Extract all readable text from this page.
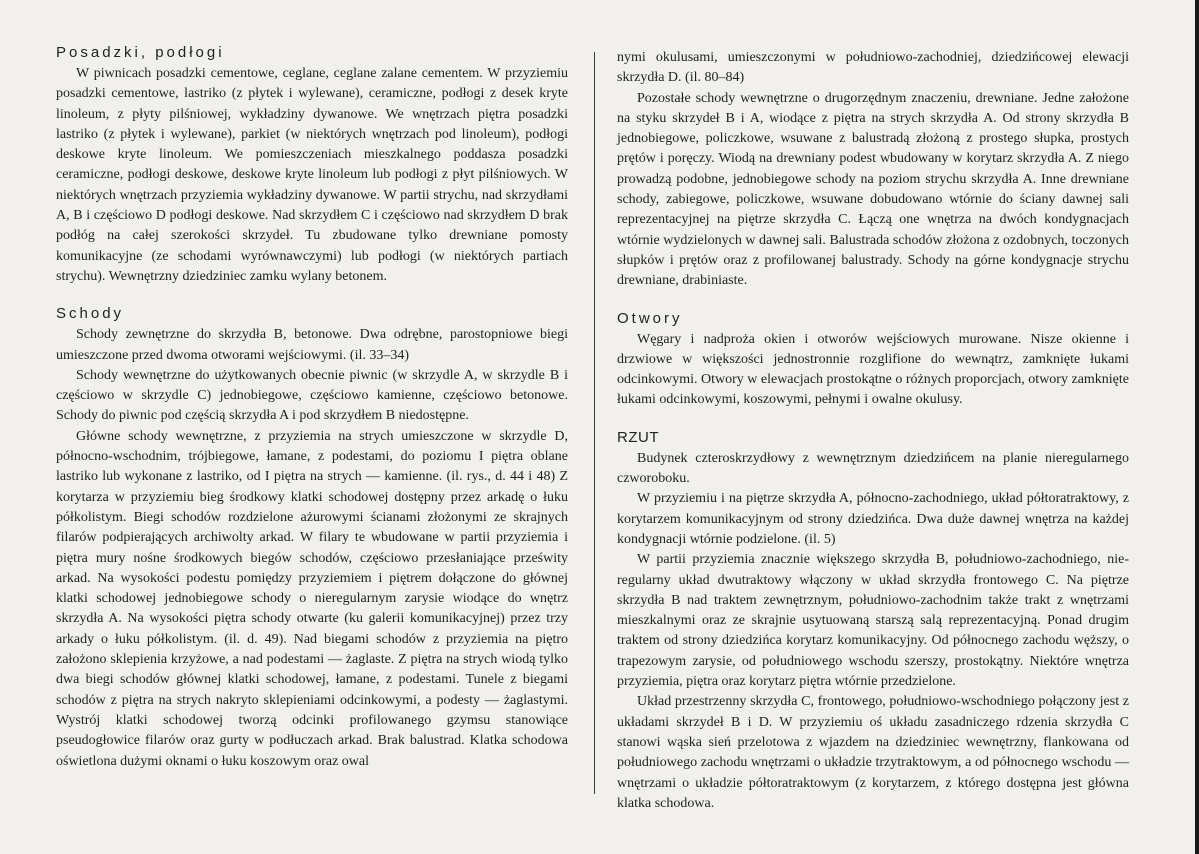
Posadzki, podłogi

W piwnicach posadzki cementowe, ceglane, ceglane zalane cementem. W przyziemiu posadzki cementowe, lastriko (z płytek i wylewane), ceramiczne, podłogi z desek kryte linoleum, z płyty pilśniowej, wykładziny dywanowe. We wnętrzach piętra posadzki lastriko (z płytek i wylewane), parkiet (w niektórych wnętrzach pod linoleum), podłogi deskowe kryte linoleum. We pomieszczeniach mieszkalnego poddasza posadzki ceramiczne, podłogi deskowe, deskowe kryte linoleum lub podłogi z płyt pilśniowych. W niektórych wnętrzach przyziemia wykładziny dywanowe. W partii strychu, nad skrzydłami A, B i częściowo D podłogi deskowe. Nad skrzydłem C i częściowo nad skrzydłem D brak podłóg na całej szerokości skrzydeł. Tu zbudowane tylko drewniane pomosty komunikacyjne (ze schodami wyrównawczymi) lub podłogi (w niektórych partiach strychu). Wewnętrzny dziedziniec zamku wylany betonem.

Schody

Schody zewnętrzne do skrzydła B, betonowe. Dwa odrębne, parostopniowe biegi umieszczone przed dwoma otworami wejściowymi. (il. 33–34)

Schody wewnętrzne do użytkowanych obecnie piwnic (w skrzydle A, w skrzydle B i częściowo w skrzydle C) jednobiegowe, częściowo kamienne, częściowo betonowe. Schody do piwnic pod częścią skrzydła A i pod skrzydłem B niedostępne.

Główne schody wewnętrzne, z przyziemia na strych umieszczone w skrzydle D, północno-wschodnim, trójbiegowe, łamane, z podestami, do poziomu I piętra oblane lastriko lub wykonane z lastriko, od I piętra na strych — kamienne. (il. rys., d. 44 i 48) Z korytarza w przyziemiu bieg środkowy klatki schodowej dostępny przez arkadę o łuku półkolistym. Biegi schodów rozdzielone ażurowymi ścianami złożonymi ze skrajnych filarów podpierających archiwolty arkad. W filary te wbudowane w partii przyziemia i piętra mury nośne środkowych biegów schodów, częściowo przesłaniające prześwity arkad. Na wysokości podestu pomiędzy przyziemiem i piętrem dołączone do głównej klatki schodowej jednobiegowe schody o nieregularnym zarysie wiodące do wnętrz skrzydła A. Na wysokości piętra schody otwarte (ku galerii komunikacyjnej) przez trzy arkady o łuku półkolistym. (il. d. 49). Nad biegami schodów z przyziemia na piętro założono sklepienia krzyżowe, a nad podestami — żaglaste. Z piętra na strych wiodą tylko dwa biegi schodów głównej klatki schodowej, łamane, z podestami. Tunele z biegami schodów z piętra na strych nakryto sklepieniami odcinkowymi, a podesty — żaglastymi. Wystrój klatki schodowej tworzą odcinki profilowanego gzymsu stanowiące pseudogłowice filarów oraz gurty w podłuczach arkad. Brak balustrad. Klatka schodowa oświetlona dużymi oknami o łuku koszowym oraz owal

nymi okulusami, umieszczonymi w południowo-zachodniej, dziedzińcowej elewacji skrzydła D. (il. 80–84)

Pozostałe schody wewnętrzne o drugorzędnym znaczeniu, drewniane. Jedne założone na styku skrzydeł B i A, wiodące z piętra na strych skrzydła A. Od strony skrzydła B jednobiegowe, policzkowe, wsuwane z balustradą złożoną z prostego słupka, prostych prętów i poręczy. Wiodą na drewniany podest wbudowany w korytarz skrzydła A. Z niego prowadzą podobne, jednobiegowe schody na poziom strychu skrzydła A. Inne drewniane schody, zabiegowe, policzkowe, wsuwane dobudowano wtórnie do ściany dawnej sali reprezentacyjnej na piętrze skrzydła C. Łączą one wnętrza na dwóch kondygnacjach wtórnie wydzielonych w dawnej sali. Balustrada schodów złożona z ozdobnych, toczonych słupków i prętów oraz z profilowanej balustrady. Schody na górne kondygnacje strychu drewniane, drabiniaste.

Otwory

Węgary i nadproża okien i otworów wejściowych murowane. Nisze okienne i drzwiowe w większości jednostronnie rozglifione do wewnątrz, zamknięte łukami odcinkowymi. Otwory w elewacjach prostokątne o różnych proporcjach, otwory zamknięte łukami odcinkowymi, koszowymi, pełnymi i owalne okulusy.

RZUT

Budynek czteroskrzydłowy z wewnętrznym dziedzińcem na planie nieregularnego czworoboku.

W przyziemiu i na piętrze skrzydła A, północno-zachodniego, układ półtoratraktowy, z korytarzem komunikacyjnym od strony dziedzińca. Dwa duże dawnej wnętrza na każdej kondygnacji wtórnie podzielone. (il. 5)

W partii przyziemia znacznie większego skrzydła B, południowo-zachodniego, nieregularny układ dwutraktowy włączony w układ skrzydła frontowego C. Na piętrze skrzydła B nad traktem zewnętrznym, południowo-zachodnim także trakt z wnętrzami mieszkalnymi oraz ze skrajnie usytuowaną starszą salą reprezentacyjną. Ponad drugim traktem od strony dziedzińca korytarz komunikacyjny. Od północnego zachodu węższy, o trapezowym zarysie, od południowego wschodu szerszy, prostokątny. Niektóre wnętrza przyziemia, piętra oraz korytarz piętra wtórnie przedzielone.

Układ przestrzenny skrzydła C, frontowego, południowo-wschodniego połączony jest z układami skrzydeł B i D. W przyziemiu oś układu zasadniczego rdzenia skrzydła C stanowi wąska sień przelotowa z wjazdem na dziedziniec wewnętrzny, flankowana od południowego zachodu wnętrzami o układzie trzytraktowym, a od północnego wschodu — wnętrzami o układzie półtoratraktowym (z korytarzem, z którego dostępna jest główna klatka schodowa.
